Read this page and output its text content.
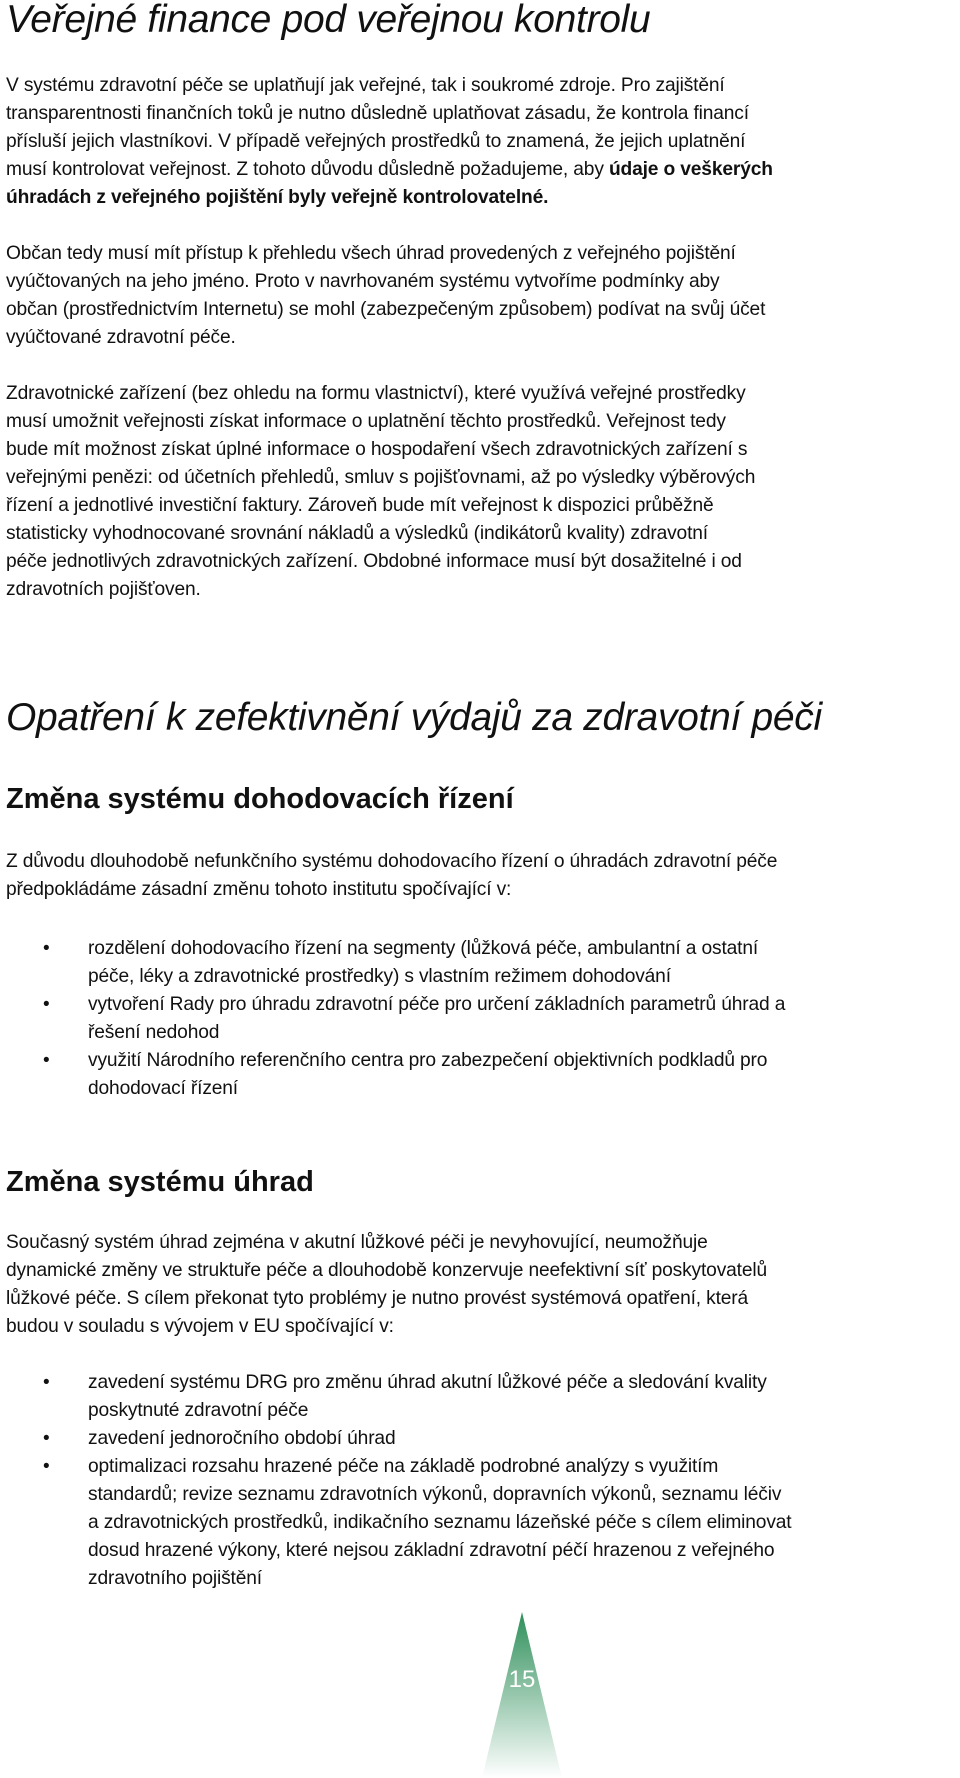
Veřejné finance pod veřejnou kontrolu

V systému zdravotní péče se uplatňují jak veřejné, tak i soukromé zdroje. Pro zajištění
transparentnosti finančních toků je nutno důsledně uplatňovat zásadu, že kontrola financí
přísluší jejich vlastníkovi. V případě veřejných prostředků to znamená, že jejich uplatnění
musí kontrolovat veřejnost. Z tohoto důvodu důsledně požadujeme, aby údaje o veškerých
úhradách z veřejného pojištění byly veřejně kontrolovatelné.

Občan tedy musí mít přístup k přehledu všech úhrad provedených z veřejného pojištění
vyúčtovaných na jeho jméno. Proto v navrhovaném systému vytvoříme podmínky aby
občan (prostřednictvím Internetu) se mohl (zabezpečeným způsobem) podívat na svůj účet
vyúčtované zdravotní péče.

Zdravotnické zařízení (bez ohledu na formu vlastnictví), které využívá veřejné prostředky
musí umožnit veřejnosti získat informace o uplatnění těchto prostředků. Veřejnost tedy
bude mít možnost získat úplné informace o hospodaření všech zdravotnických zařízení s
veřejnými penězi: od účetních přehledů, smluv s pojišťovnami, až po výsledky výběrových
řízení a jednotlivé investiční faktury. Zároveň bude mít veřejnost k dispozici průběžně
statisticky vyhodnocované srovnání nákladů a výsledků (indikátorů kvality) zdravotní
péče jednotlivých zdravotnických zařízení. Obdobné informace musí být dosažitelné i od
zdravotních pojišťoven.

Opatření k zefektivnění výdajů za zdravotní péči
Změna systému dohodovacích řízení

Z důvodu dlouhodobě nefunkčního systému dohodovacího řízení o úhradách zdravotní péče
předpokládáme zásadní změnu tohoto institutu spočívající v:

• rozdělení dohodovacího řízení na segmenty (lůžková péče, ambulantní a ostatní
péče, léky a zdravotnické prostředky) s vlastním režimem dohodování
• vytvoření Rady pro úhradu zdravotní péče pro určení základních parametrů úhrad a
řešení nedohod
• využití Národního referenčního centra pro zabezpečení objektivních podkladů pro
dohodovací řízení
Změna systému úhrad

Současný systém úhrad zejména v akutní lůžkové péči je nevyhovující, neumožňuje
dynamické změny ve struktuře péče a dlouhodobě konzervuje neefektivní síť poskytovatelů
lůžkové péče. S cílem překonat tyto problémy je nutno provést systémová opatření, která
budou v souladu s vývojem v EU spočívající v:

• zavedení systému DRG pro změnu úhrad akutní lůžkové péče a sledování kvality
poskytnuté zdravotní péče
• zavedení jednoročního období úhrad
• optimalizaci rozsahu hrazené péče na základě podrobné analýzy s využitím
standardů; revize seznamu zdravotních výkonů, dopravních výkonů, seznamu léčiv
a zdravotnických prostředků, indikačního seznamu lázeňské péče s cílem eliminovat
dosud hrazené výkony, které nejsou základní zdravotní péčí hrazenou z veřejného
zdravotního pojištění
15
